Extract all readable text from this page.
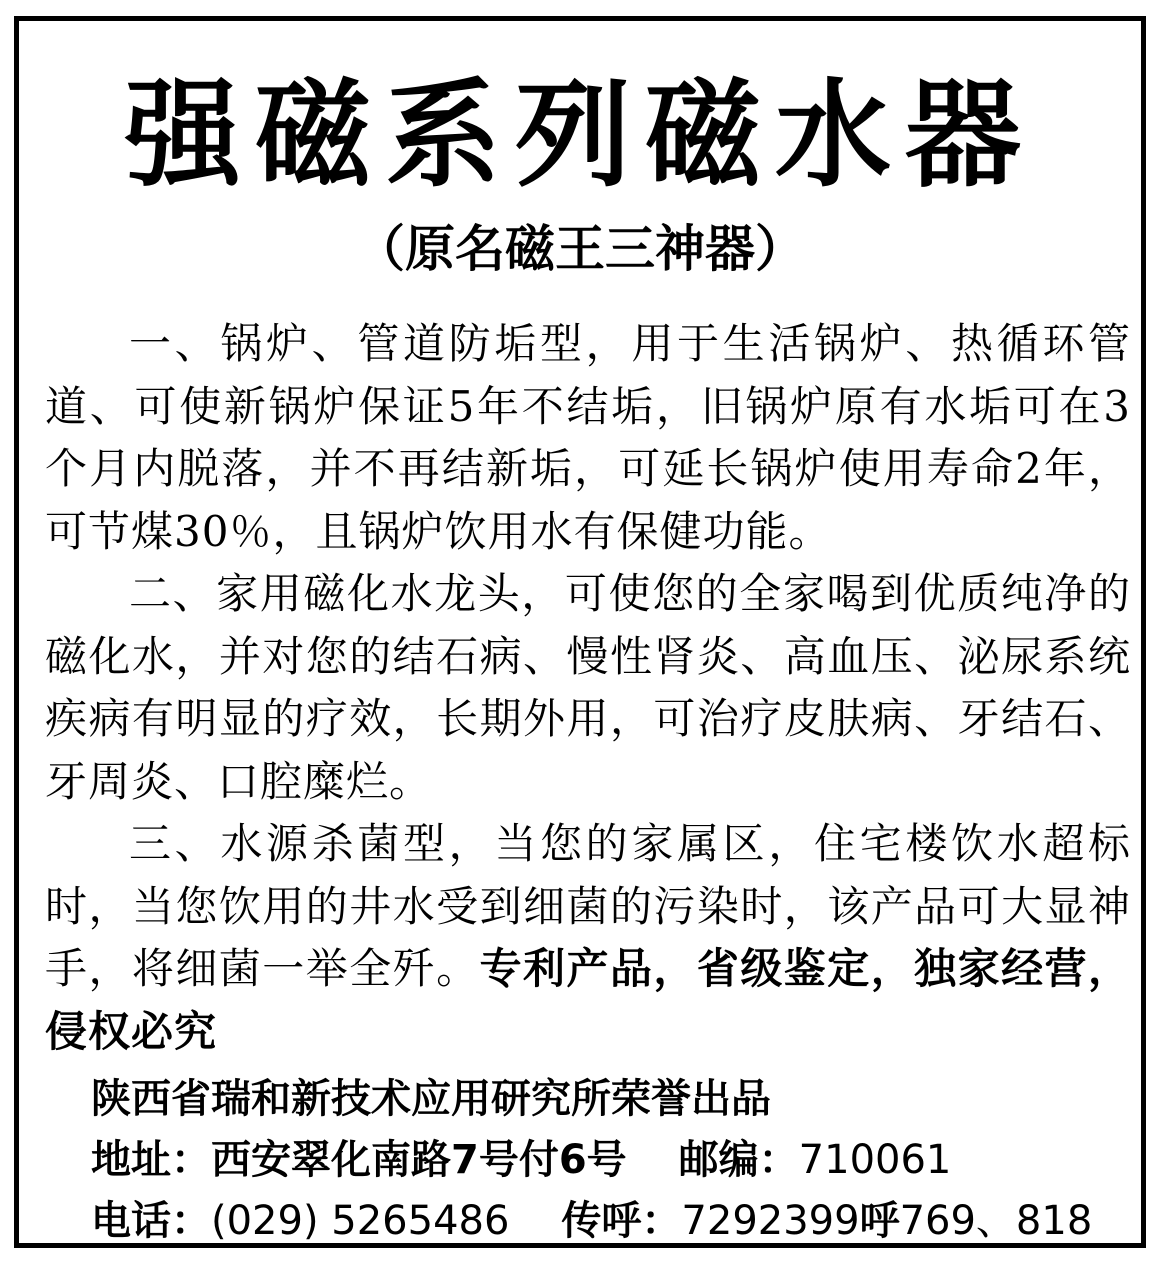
强磁系列磁水器
（原名磁王三神器）

一、锅炉、管道防垢型，用于生活锅炉、热循环管道、可使新锅炉保证5年不结垢，旧锅炉原有水垢可在3个月内脱落，并不再结新垢，可延长锅炉使用寿命2年，可节煤30％，且锅炉饮用水有保健功能。

二、家用磁化水龙头，可使您的全家喝到优质纯净的磁化水，并对您的结石病、慢性肾炎、高血压、泌尿系统疾病有明显的疗效，长期外用，可治疗皮肤病、牙结石、牙周炎、口腔糜烂。

三、水源杀菌型，当您的家属区，住宅楼饮水超标时，当您饮用的井水受到细菌的污染时，该产品可大显神手，将细菌一举全歼。专利产品，省级鉴定，独家经营，侵权必究

陕西省瑞和新技术应用研究所荣誉出品
地址：西安翠化南路7号付6号 邮编：710061
电话：(029) 5265486 传呼：7292399呼769、818
